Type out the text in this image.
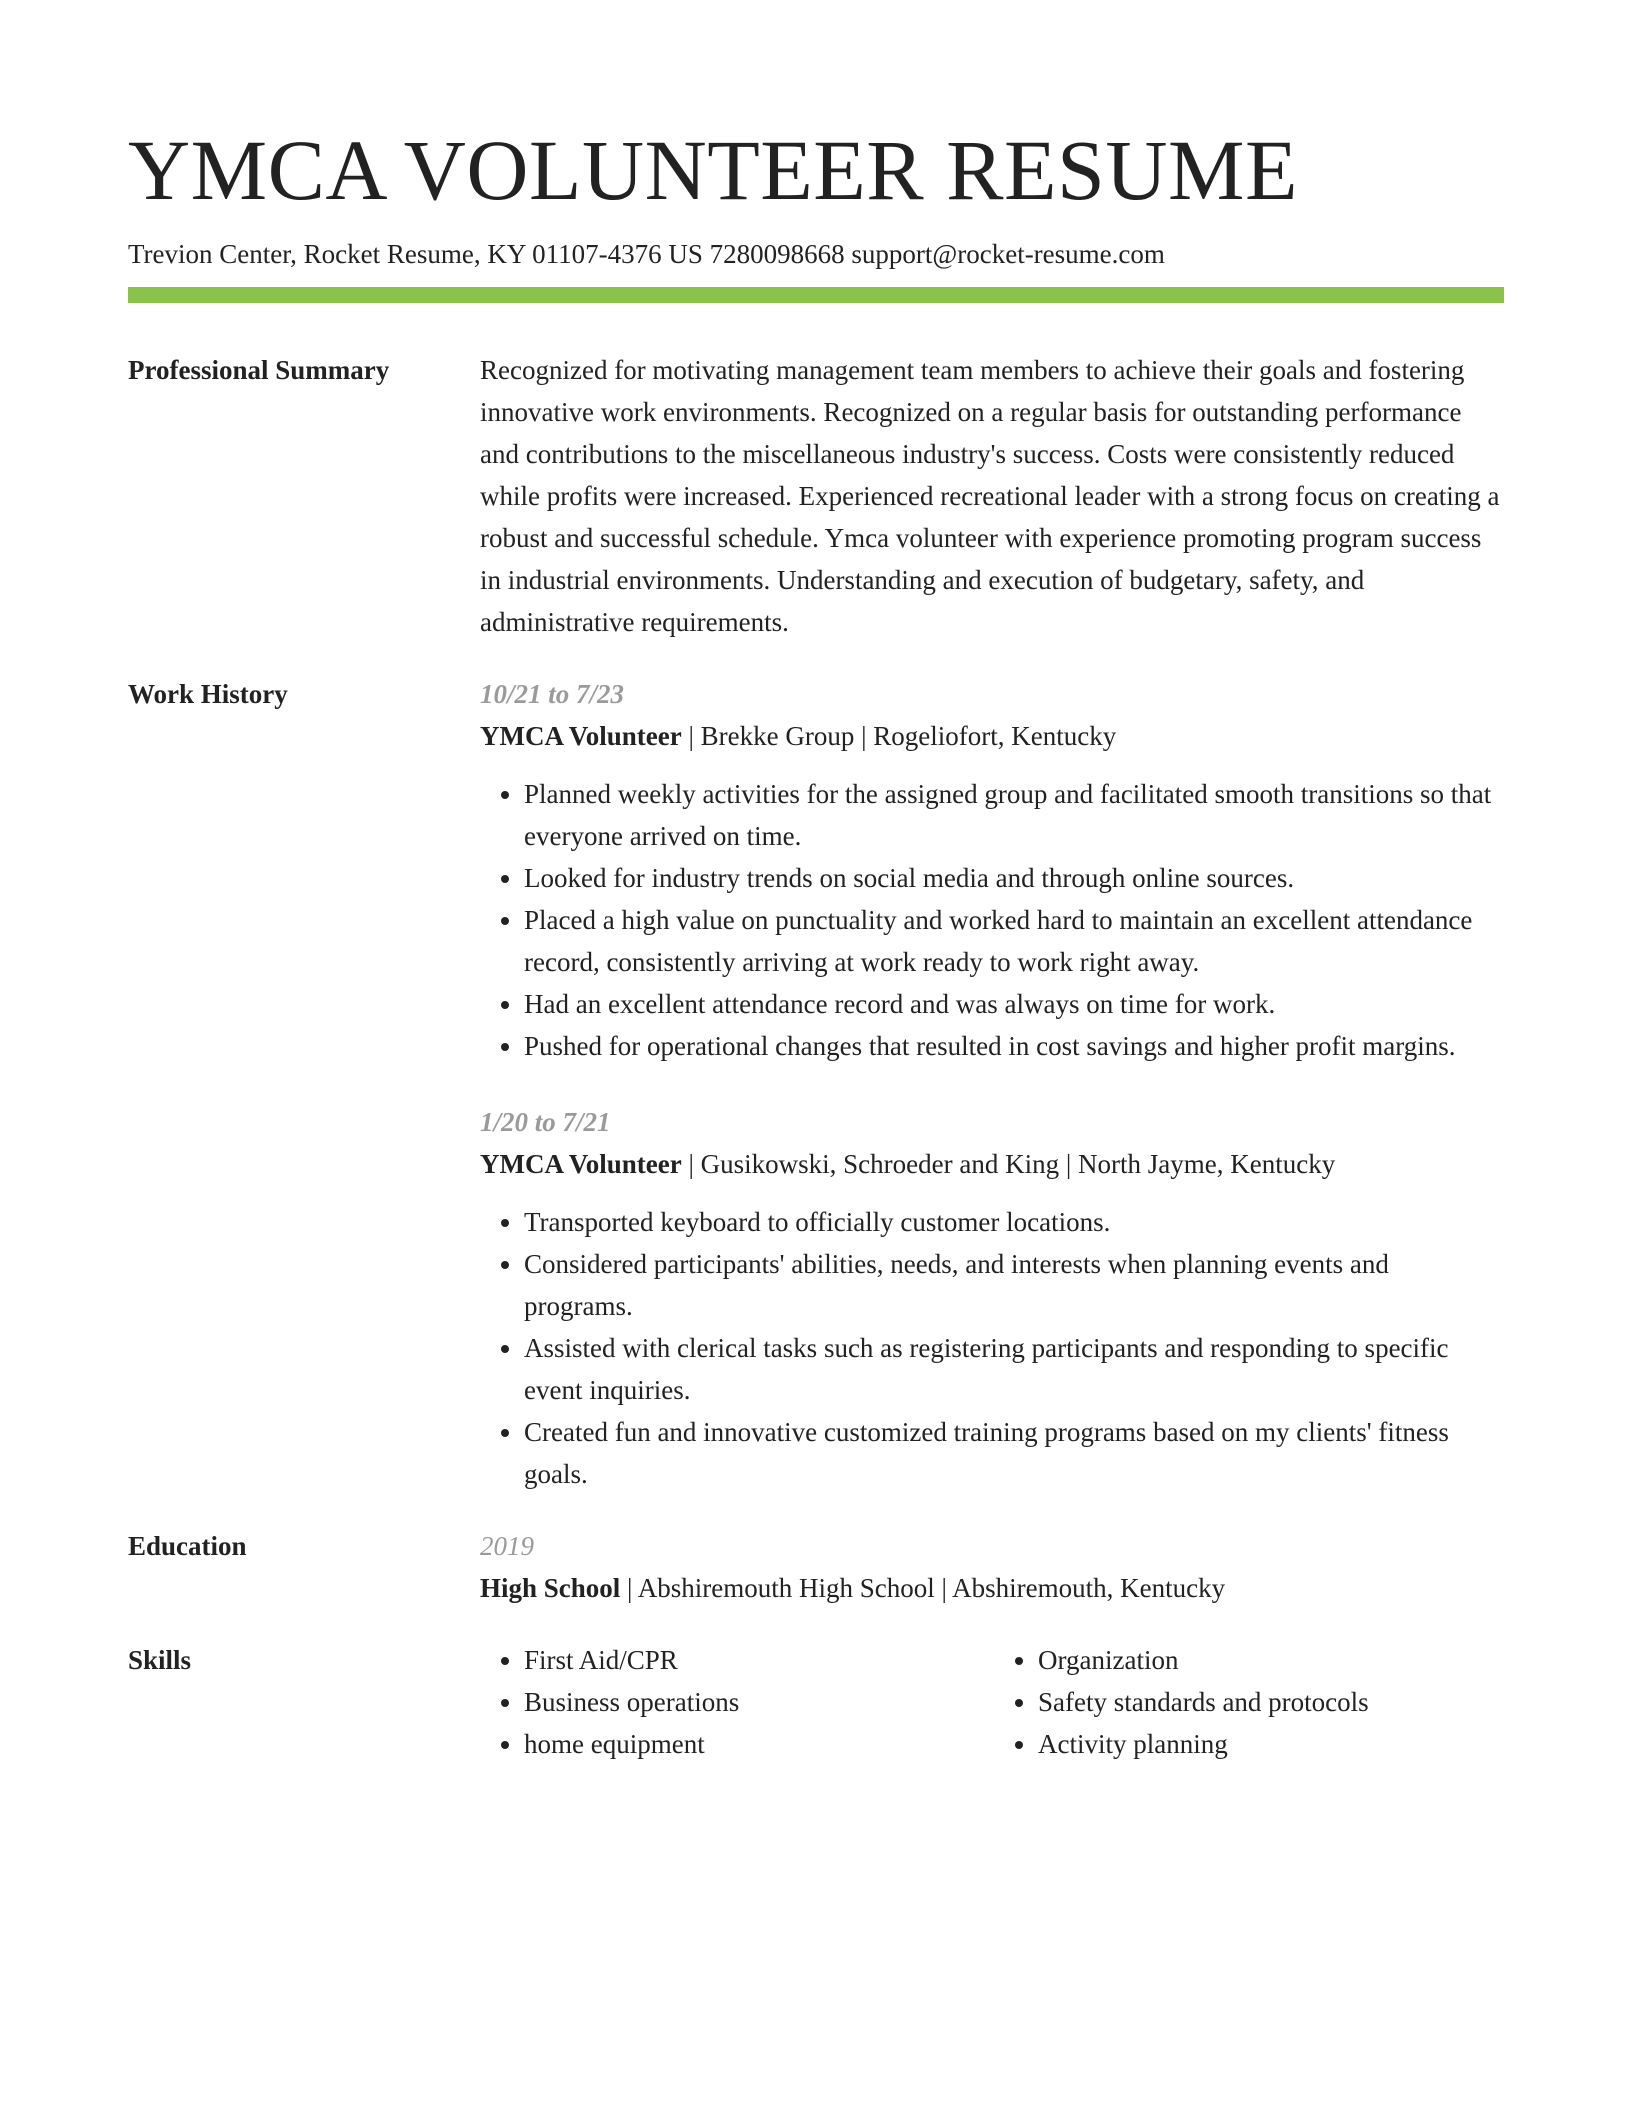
YMCA VOLUNTEER RESUME
Trevion Center, Rocket Resume, KY 01107-4376 US 7280098668 support@rocket-resume.com
Professional Summary	Recognized for motivating management team members to achieve their goals and fostering innovative work environments. Recognized on a regular basis for outstanding performance and contributions to the miscellaneous industry's success. Costs were consistently reduced while profits were increased. Experienced recreational leader with a strong focus on creating a robust and successful schedule. Ymca volunteer with experience promoting program success in industrial environments. Understanding and execution of budgetary, safety, and administrative requirements.

Work History	10/21 to 7/23
YMCA Volunteer | Brekke Group | Rogeliofort, Kentucky
• Planned weekly activities for the assigned group and facilitated smooth transitions so that everyone arrived on time.
• Looked for industry trends on social media and through online sources.
• Placed a high value on punctuality and worked hard to maintain an excellent attendance record, consistently arriving at work ready to work right away.
• Had an excellent attendance record and was always on time for work.
• Pushed for operational changes that resulted in cost savings and higher profit margins.
1/20 to 7/21
YMCA Volunteer | Gusikowski, Schroeder and King | North Jayme, Kentucky
• Transported keyboard to officially customer locations.
• Considered participants' abilities, needs, and interests when planning events and programs.
• Assisted with clerical tasks such as registering participants and responding to specific event inquiries.
• Created fun and innovative customized training programs based on my clients' fitness goals.
Education	2019
High School | Abshiremouth High School | Abshiremouth, Kentucky
Skills
•	First Aid/CPR
• Business operations
• home equipment
• Organization
• Safety standards and protocols
• Activity planning
